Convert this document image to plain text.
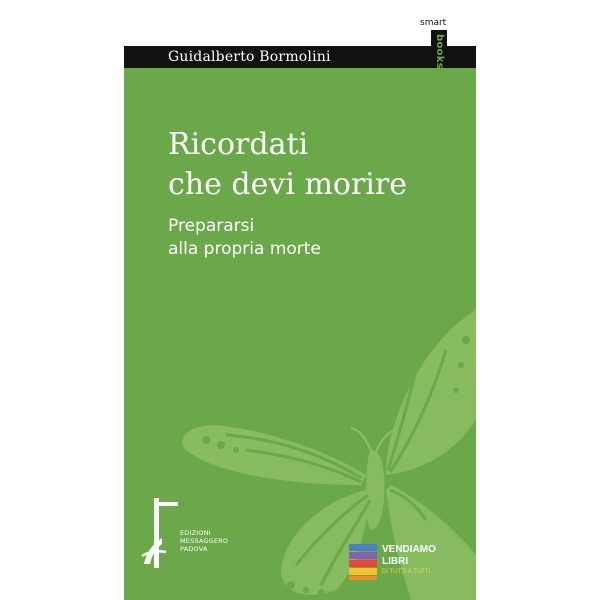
Guidalberto Bormolini
smart
books
Ricordati
che devi morire
Prepararsi
alla propria morte
EDIZIONI
MESSAGGERO
PADOVA	VENDIAMO
LIBRI
DI TUTTI A TUTTI
